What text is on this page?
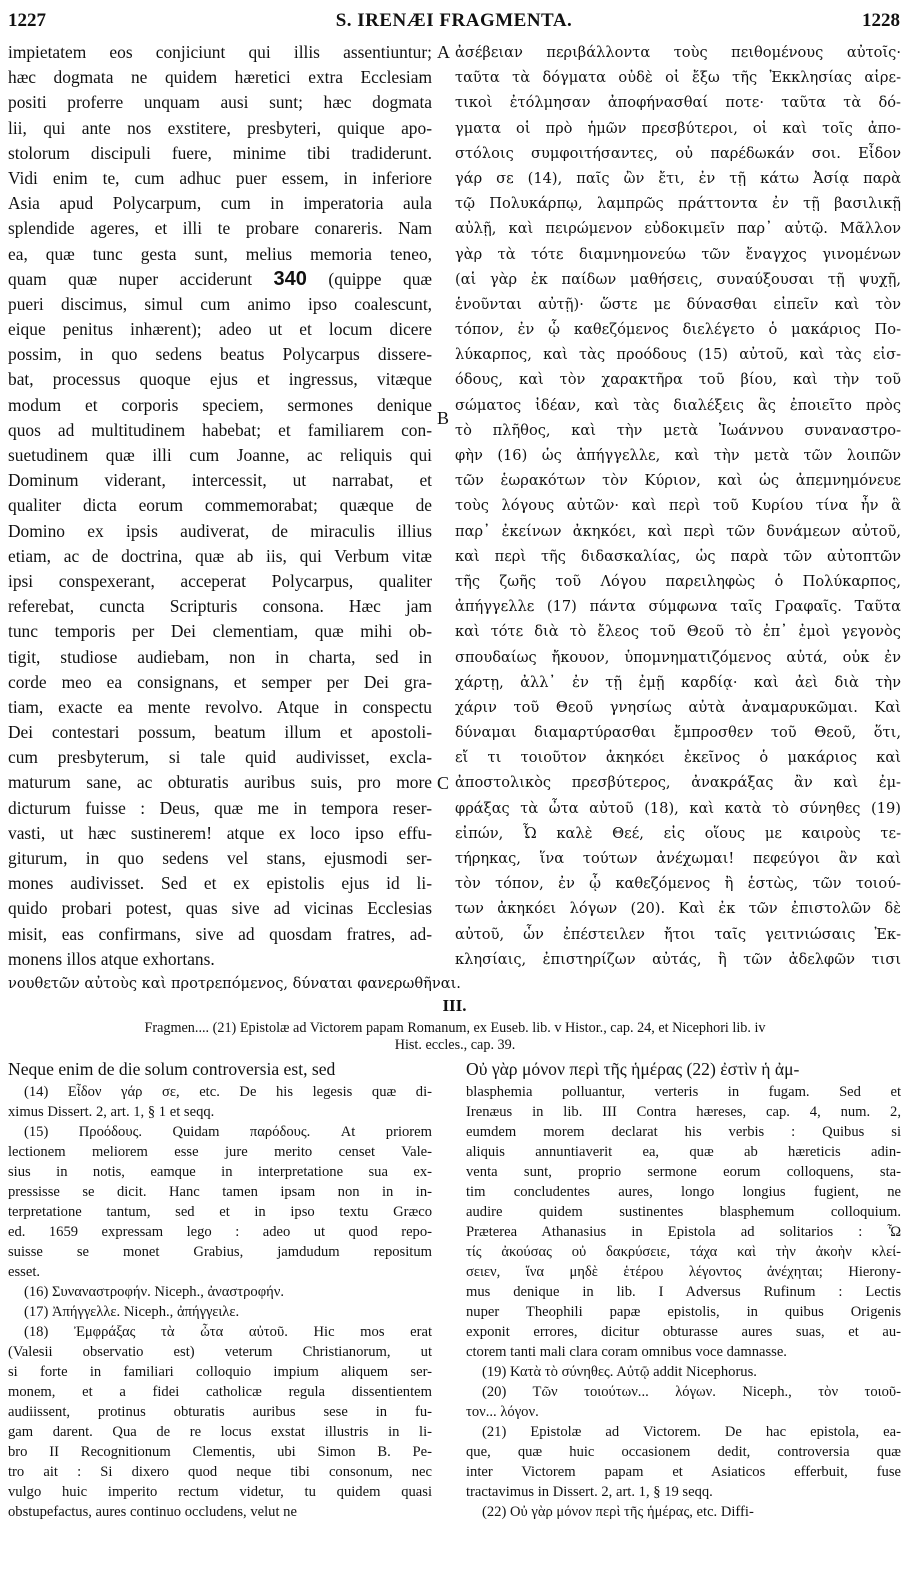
1227	S. IRENÆI FRAGMENTA.	1228
impietatem eos conjiciunt qui illis assentiuntur;
hæc dogmata ne quidem hæretici extra Ecclesiam
positi proferre unquam ausi sunt; hæc dogmata
lii, qui ante nos exstitere, presbyteri, quique apo-
stolorum discipuli fuere, minime tibi tradiderunt.
Vidi enim te, cum adhuc puer essem, in inferiore
Asia apud Polycarpum, cum in imperatoria aula
splendide ageres, et illi te probare conareris. Nam
ea, quæ tunc gesta sunt, melius memoria teneo,
quam quæ nuper acciderunt 340 (quippe quæ
pueri discimus, simul cum animo ipso coalescunt,
eique penitus inhærent); adeo ut et locum dicere
possim, in quo sedens beatus Polycarpus dissere-
bat, processus quoque ejus et ingressus, vitæque
modum et corporis speciem, sermones denique
quos ad multitudinem habebat; et familiarem con-
suetudinem quæ illi cum Joanne, ac reliquis qui
Dominum viderant, intercessit, ut narrabat, et
qualiter dicta eorum commemorabat; quæque de
Domino ex ipsis audiverat, de miraculis illius
etiam, ac de doctrina, quæ ab iis, qui Verbum vitæ
ipsi conspexerant, acceperat Polycarpus, qualiter
referebat, cuncta Scripturis consona. Hæc jam
tunc temporis per Dei clementiam, quæ mihi ob-
tigit, studiose audiebam, non in charta, sed in
corde meo ea consignans, et semper per Dei gra-
tiam, exacte ea mente revolvo. Atque in conspectu
Dei contestari possum, beatum illum et apostoli-
cum presbyterum, si tale quid audivisset, excla-
maturum sane, ac obturatis auribus suis, pro more
dicturum fuisse : Deus, quæ me in tempora reser-
vasti, ut hæc sustinerem! atque ex loco ipso effu-
giturum, in quo sedens vel stans, ejusmodi ser-
mones audivisset. Sed et ex epistolis ejus id li-
quido probari potest, quas sive ad vicinas Ecclesias
misit, eas confirmans, sive ad quosdam fratres, ad-
monens illos atque exhortans.
A
B
C
ἀσέβειαν περιβάλλοντα τοὺς πειθομένους αὐτοῖς·
ταῦτα τὰ δόγματα οὐδὲ οἱ ἔξω τῆς Ἐκκλησίας αἱρε-
τικοὶ ἐτόλμησαν ἀποφήνασθαί ποτε· ταῦτα τὰ δό-
γματα οἱ πρὸ ἡμῶν πρεσβύτεροι, οἱ καὶ τοῖς ἀπο-
στόλοις συμφοιτήσαντες, οὐ παρέδωκάν σοι. Εἶδον
γάρ σε (14), παῖς ὢν ἔτι, ἐν τῇ κάτω Ἀσίᾳ παρὰ
τῷ Πολυκάρπῳ, λαμπρῶς πράττοντα ἐν τῇ βασιλικῇ
αὐλῇ, καὶ πειρώμενον εὐδοκιμεῖν παρ᾽ αὐτῷ. Μᾶλλον
γὰρ τὰ τότε διαμνημονεύω τῶν ἔναγχος γινομένων
(αἱ γὰρ ἐκ παίδων μαθήσεις, συναύξουσαι τῇ ψυχῇ,
ἑνοῦνται αὐτῇ)· ὥστε με δύνασθαι εἰπεῖν καὶ τὸν
τόπον, ἐν ᾧ καθεζόμενος διελέγετο ὁ μακάριος Πο-
λύκαρπος, καὶ τὰς προόδους (15) αὐτοῦ, καὶ τὰς εἰσ-
όδους, καὶ τὸν χαρακτῆρα τοῦ βίου, καὶ τὴν τοῦ
σώματος ἰδέαν, καὶ τὰς διαλέξεις ἃς ἐποιεῖτο πρὸς
τὸ πλῆθος, καὶ τὴν μετὰ Ἰωάννου συναναστρο-
φὴν (16) ὡς ἀπήγγελλε, καὶ τὴν μετὰ τῶν λοιπῶν
τῶν ἑωρακότων τὸν Κύριον, καὶ ὡς ἀπεμνημόνευε
τοὺς λόγους αὐτῶν· καὶ περὶ τοῦ Κυρίου τίνα ἦν ἃ
παρ᾽ ἐκείνων ἀκηκόει, καὶ περὶ τῶν δυνάμεων αὐτοῦ,
καὶ περὶ τῆς διδασκαλίας, ὡς παρὰ τῶν αὐτοπτῶν
τῆς ζωῆς τοῦ Λόγου παρειληφὼς ὁ Πολύκαρπος,
ἀπήγγελλε (17) πάντα σύμφωνα ταῖς Γραφαῖς. Ταῦτα
καὶ τότε διὰ τὸ ἔλεος τοῦ Θεοῦ τὸ ἐπ᾽ ἐμοὶ γεγονὸς
σπουδαίως ἤκουον, ὑπομνηματιζόμενος αὐτά, οὐκ ἐν
χάρτῃ, ἀλλ᾽ ἐν τῇ ἐμῇ καρδίᾳ· καὶ ἀεὶ διὰ τὴν
χάριν τοῦ Θεοῦ γνησίως αὐτὰ ἀναμαρυκῶμαι. Καὶ
δύναμαι διαμαρτύρασθαι ἔμπροσθεν τοῦ Θεοῦ, ὅτι,
εἴ τι τοιοῦτον ἀκηκόει ἐκεῖνος ὁ μακάριος καὶ
ἀποστολικὸς πρεσβύτερος, ἀνακράξας ἂν καὶ ἐμ-
φράξας τὰ ὦτα αὐτοῦ (18), καὶ κατὰ τὸ σύνηθες (19)
εἰπών, Ὦ καλὲ Θεέ, εἰς οἵους με καιροὺς τε-
τήρηκας, ἵνα τούτων ἀνέχωμαι! πεφεύγοι ἂν καὶ
τὸν τόπον, ἐν ᾧ καθεζόμενος ἢ ἑστὼς, τῶν τοιού-
των ἀκηκόει λόγων (20). Καὶ ἐκ τῶν ἐπιστολῶν δὲ
αὐτοῦ, ὧν ἐπέστειλεν ἤτοι ταῖς γειτνιώσαις Ἐκ-
κλησίαις, ἐπιστηρίζων αὐτάς, ἢ τῶν ἀδελφῶν τισι
νουθετῶν αὐτοὺς καὶ προτρεπόμενος, δύναται φανερωθῆναι.
III.
Fragmen.... (21) Epistolæ ad Victorem papam Romanum, ex Euseb. lib. v Histor., cap. 24, et Nicephori lib. iv
Hist. eccles., cap. 39.
Neque enim de die solum controversia est, sed
(14) Εἶδον γάρ σε, etc. De his legesis quæ di-
ximus Dissert. 2, art. 1, § 1 et seqq.
(15) Προόδους. Quidam παρόδους. At priorem
lectionem meliorem esse jure merito censet Vale-
sius in notis, eamque in interpretatione sua ex-
pressisse se dicit. Hanc tamen ipsam non in in-
terpretatione tantum, sed et in ipso textu Græco
ed. 1659 expressam lego : adeo ut quod repo-
suisse se monet Grabius, jamdudum repositum
esset.
(16) Συναναστροφήν. Niceph., ἀναστροφήν.
(17) Ἀπήγγελλε. Niceph., ἀπήγγειλε.
(18) Ἐμφράξας τὰ ὦτα αὐτοῦ. Hic mos erat
(Valesii observatio est) veterum Christianorum, ut
si forte in familiari colloquio impium aliquem ser-
monem, et a fidei catholicæ regula dissentientem
audiissent, protinus obturatis auribus sese in fu-
gam darent. Qua de re locus exstat illustris in li-
bro II Recognitionum Clementis, ubi Simon B. Pe-
tro ait : Si dixero quod neque tibi consonum, nec
vulgo huic imperito rectum videtur, tu quidem quasi
obstupefactus, aures continuo occludens, velut ne
Οὐ γὰρ μόνον περὶ τῆς ἡμέρας (22) ἐστὶν ἡ ἀμ-
blasphemia polluantur, verteris in fugam. Sed et
Irenæus in lib. III Contra hæreses, cap. 4, num. 2,
eumdem morem declarat his verbis : Quibus si
aliquis annuntiaverit ea, quæ ab hæreticis adin-
venta sunt, proprio sermone eorum colloquens, sta-
tim concludentes aures, longo longius fugient, ne
audire quidem sustinentes blasphemum colloquium.
Præterea Athanasius in Epistola ad solitarios : Ὦ
τίς ἀκούσας οὐ δακρύσειε, τάχα καὶ τὴν ἀκοὴν κλεί-
σειεν, ἵνα μηδὲ ἑτέρου λέγοντος ἀνέχηται; Hierony-
mus denique in lib. I Adversus Rufinum : Lectis
nuper Theophili papæ epistolis, in quibus Origenis
exponit errores, dicitur obturasse aures suas, et au-
ctorem tanti mali clara coram omnibus voce damnasse.
(19) Κατὰ τὸ σύνηθες. Αὐτῷ addit Nicephorus.
(20) Τῶν τοιούτων... λόγων. Niceph., τὸν τοιοῦ-
τον... λόγον.
(21) Epistolæ ad Victorem. De hac epistola, ea-
que, quæ huic occasionem dedit, controversia quæ
inter Victorem papam et Asiaticos efferbuit, fuse
tractavimus in Dissert. 2, art. 1, § 19 seqq.
(22) Οὐ γὰρ μόνον περὶ τῆς ἡμέρας, etc. Diffi-
